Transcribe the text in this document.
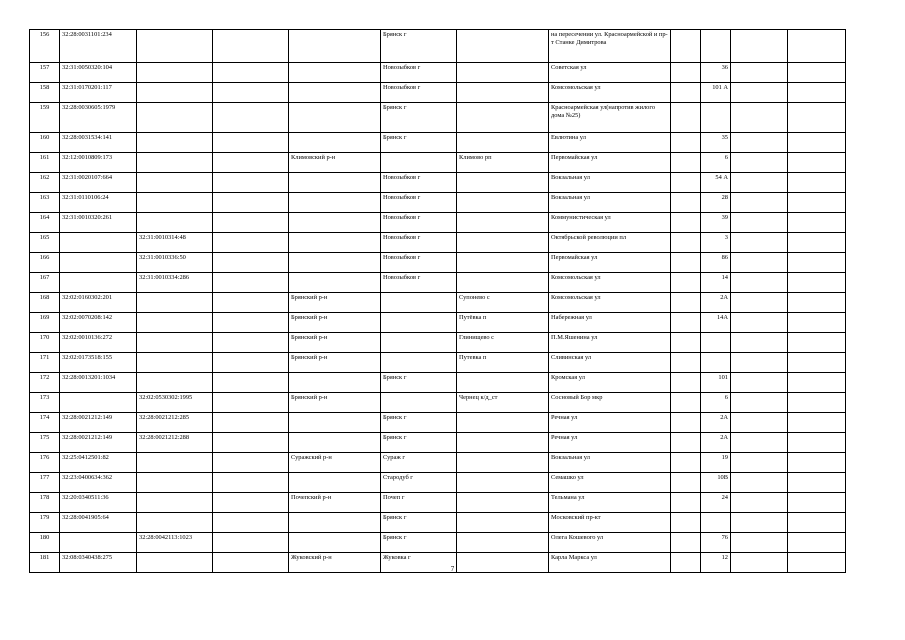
156	32:28:0031101:234				Брянск г		на пересечении ул. Красноармейской и пр-т Станке Димитрова				
157	32:31:0050320:104				Новозыбков г		Советская ул		36		
158	32:31:0170201:117				Новозыбков г		Комсомольская ул		101 А		
159	32:28:0030605:1979				Брянск г		Красноармейская ул(напротив жилого дома №25)				
160	32:28:0031534:141				Брянск г		Евлютина ул		35		
161	32:12:0010809:173			Климовский р-н		Климово рп	Первомайская ул		6		
162	32:31:0020107:664				Новозыбков г		Вокзальная ул		54 А		
163	32:31:0110106:24				Новозыбков г		Вокзальная ул		28		
164	32:31:0010320:261				Новозыбков г		Коммунистическая ул		39		
165		32:31:0010314:48			Новозыбков г		Октябрьской революции пл		3		
166		32:31:0010336:50			Новозыбков г		Первомайская ул		86		
167		32:31:0010334:286			Новозыбков г		Комсомольская ул		14		
168	32:02:0160302:201			Брянский р-н		Супонево с	Комсомольская ул		2А		
169	32:02:0070208:142			Брянский р-н		Путёвка п	Набережная ул		14А		
170	32:02:0010136:272			Брянский р-н		Глинищево с	П.М.Яшенина ул				
171	32:02:0173518:155			Брянский р-н		Путевка п	Сливинская ул				
172	32:28:0013201:1034				Брянск г		Кромская ул		101		
173		32:02:0530302:1995		Брянский р-н		Чернец к/д_ст	Сосновый Бор мкр		6		
174	32:28:0021212:149	32:28:0021212:285			Брянск г		Речная ул		2А		
175	32:28:0021212:149	32:28:0021212:288			Брянск г		Речная ул		2А		
176	32:25:0412501:82			Суражский р-н	Сураж г		Вокзальная ул		19		
177	32:23:0400634:362				Стародуб г		Семашко ул		10В		
178	32:20:0340511:36			Почепский р-н	Почеп г		Тельмана ул		24		
179	32:28:0041905:64				Брянск г		Московский пр-кт				
180		32:28:0042113:1023			Брянск г		Олега Кошевого ул		76		
181	32:08:0340438:275			Жуковский р-н	Жуковка г		Карла Маркса ул		12		
7
